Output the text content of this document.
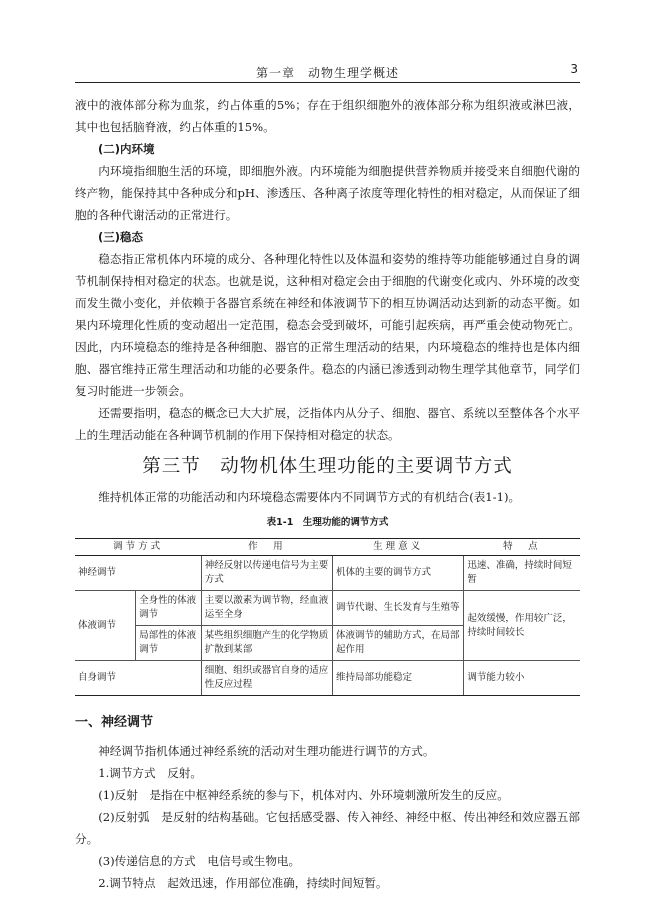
第一章　动物生理学概述	3

液中的液体部分称为血浆，约占体重的5%；存在于组织细胞外的液体部分称为组织液或淋巴液，其中也包括脑脊液，约占体重的15%。

(二)内环境

内环境指细胞生活的环境，即细胞外液。内环境能为细胞提供营养物质并接受来自细胞代谢的终产物，能保持其中各种成分和pH、渗透压、各种离子浓度等理化特性的相对稳定，从而保证了细胞的各种代谢活动的正常进行。

(三)稳态

稳态指正常机体内环境的成分、各种理化特性以及体温和姿势的维持等功能能够通过自身的调节机制保持相对稳定的状态。也就是说，这种相对稳定会由于细胞的代谢变化或内、外环境的改变而发生微小变化，并依赖于各器官系统在神经和体液调节下的相互协调活动达到新的动态平衡。如果内环境理化性质的变动超出一定范围，稳态会受到破坏，可能引起疾病，再严重会使动物死亡。因此，内环境稳态的维持是各种细胞、器官的正常生理活动的结果，内环境稳态的维持也是体内细胞、器官维持正常生理活动和功能的必要条件。稳态的内涵已渗透到动物生理学其他章节，同学们复习时能进一步领会。

还需要指明，稳态的概念已大大扩展，泛指体内从分子、细胞、器官、系统以至整体各个水平上的生理活动能在各种调节机制的作用下保持相对稳定的状态。

第三节　动物机体生理功能的主要调节方式

维持机体正常的功能活动和内环境稳态需要体内不同调节方式的有机结合(表1-1)。

表1-1　生理功能的调节方式
调节方式		作　用	生理意义	特　点
神经调节		神经反射以传递电信号为主要方式	机体的主要的调节方式	迅速、准确，持续时间短暂
体液调节	全身性的体液调节	主要以激素为调节物，经血液运至全身	调节代谢、生长发育与生殖等	起效缓慢，作用较广泛，持续时间较长
	局部性的体液调节	某些组织细胞产生的化学物质扩散到某部	体液调节的辅助方式，在局部起作用	
自身调节		细胞、组织或器官自身的适应性反应过程	维持局部功能稳定	调节能力较小
一、神经调节

神经调节指机体通过神经系统的活动对生理功能进行调节的方式。

1.调节方式　反射。

(1)反射　是指在中枢神经系统的参与下，机体对内、外环境刺激所发生的反应。

(2)反射弧　是反射的结构基础。它包括感受器、传入神经、神经中枢、传出神经和效应器五部分。

(3)传递信息的方式　电信号或生物电。

2.调节特点　起效迅速，作用部位准确，持续时间短暂。
